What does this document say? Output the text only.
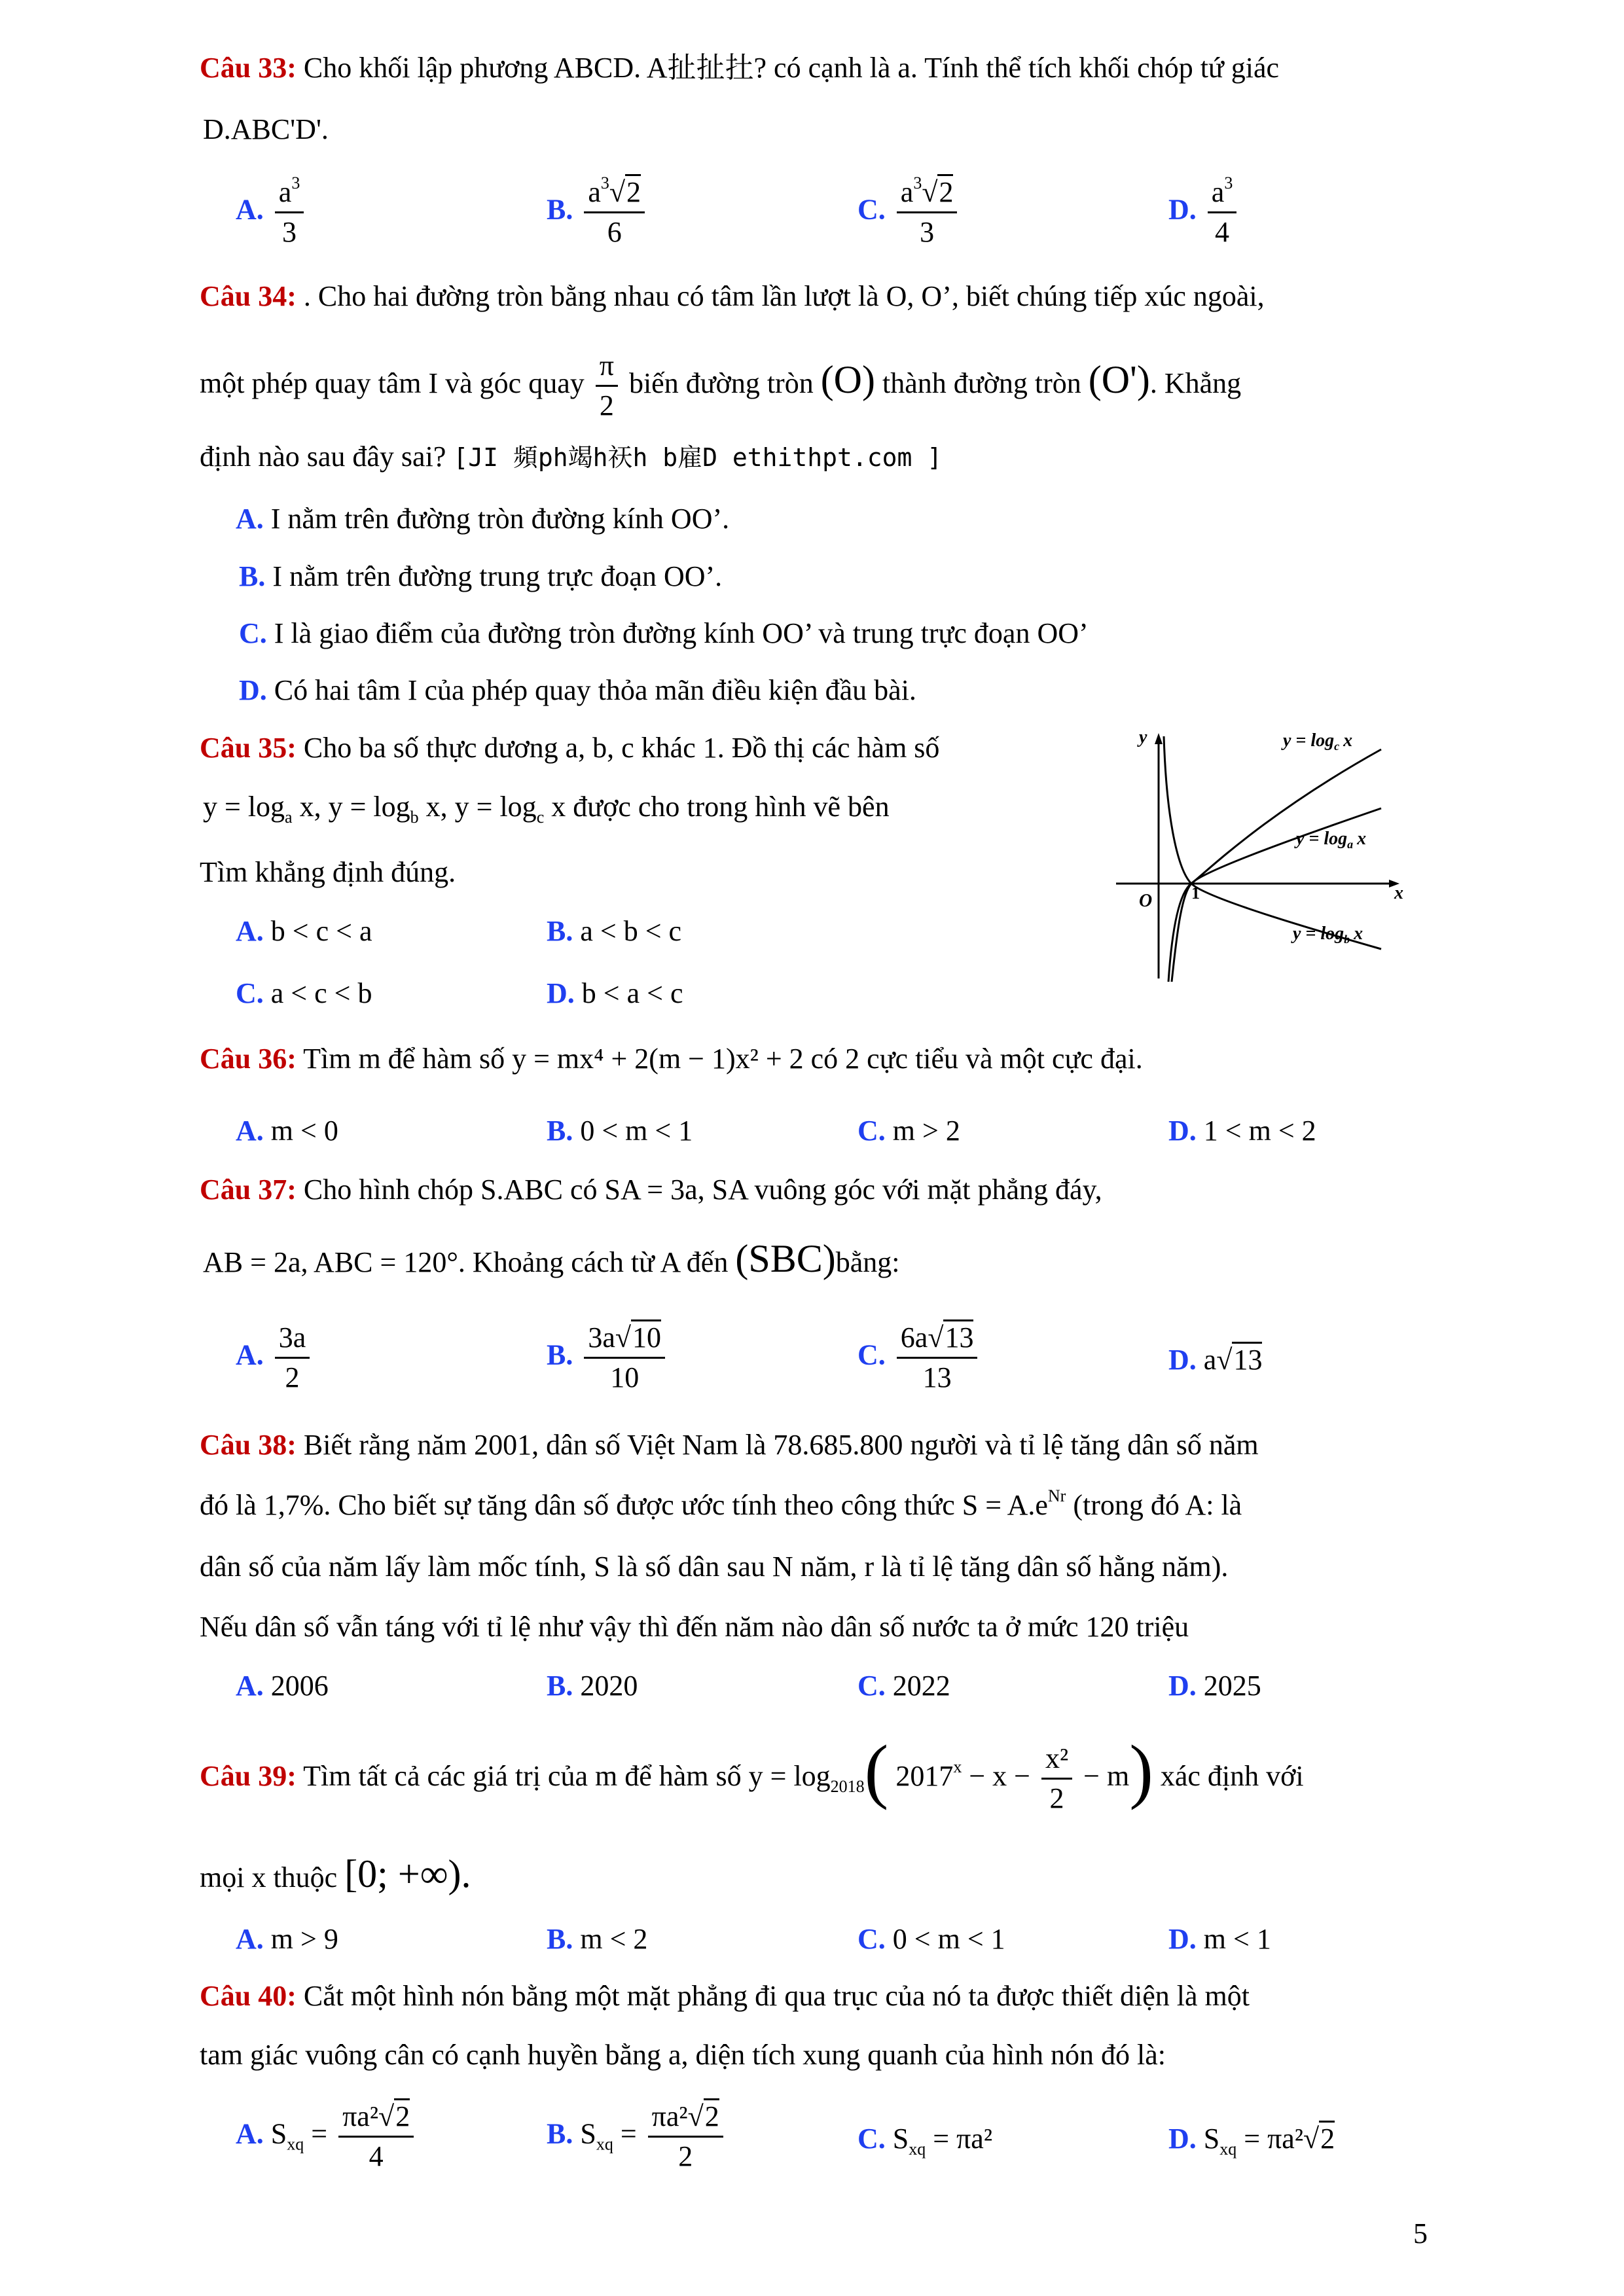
Câu 33: Cho khối lập phương ABCD. A扯扯扗? có cạnh là a. Tính thể tích khối chóp tứ giác
D.ABC'D'.
A. $\frac{a^3}{3}$	B. $\frac{a^3√2}{6}$	C. $\frac{a^3√2}{3}$	D. $\frac{a^3}{4}$
Câu 34: . Cho hai đường tròn bằng nhau có tâm lần lượt là O, O’, biết chúng tiếp xúc ngoài,
một phép quay tâm I và góc quay $\frac{\pi}{2}$ biến đường tròn (O) thành đường tròn (O'). Khẳng
định nào sau đây sai? [JI 頻ph竭h祆h b雇D ethithpt.com ]
A. I nằm trên đường tròn đường kính OO’.
B. I nằm trên đường trung trực đoạn OO’.
C. I là giao điểm của đường tròn đường kính OO’ và trung trực đoạn OO’
D. Có hai tâm I của phép quay thỏa mãn điều kiện đầu bài.
Câu 35: Cho ba số thực dương a, b, c khác 1. Đồ thị các hàm số
$y = \log_a x$, $y = \log_b x$, $y = \log_c x$ được cho trong hình vẽ bên
Tìm khẳng định đúng.
A. b < c < a	B. a < b < c
C. a < c < b	D. b < a < c
y
x
O 1
$y = \log_c x$
$y = \log_a x$
$y = \log_b x$
Câu 36: Tìm m để hàm số y = mx⁴ + 2(m − 1)x² + 2 có 2 cực tiểu và một cực đại.
A. m < 0	B. 0 < m < 1	C. m > 2	D. 1 < m < 2
Câu 37: Cho hình chóp S.ABC có SA = 3a, SA vuông góc với mặt phẳng đáy,
AB = 2a, ABC = 120°. Khoảng cách từ A đến (SBC)bằng:
A. $\frac{3a}{2}$	B. $\frac{3a√10}{10}$	C. $\frac{6a√13}{13}$	D. a√13
Câu 38: Biết rằng năm 2001, dân số Việt Nam là 78.685.800 người và tỉ lệ tăng dân số năm
đó là 1,7%. Cho biết sự tăng dân số được ước tính theo công thức $S = A.e^{Nr}$ (trong đó A: là
dân số của năm lấy làm mốc tính, S là số dân sau N năm, r là tỉ lệ tăng dân số hằng năm).
Nếu dân số vẫn táng với tỉ lệ như vậy thì đến năm nào dân số nước ta ở mức 120 triệu
A. 2006	B. 2020	C. 2022	D. 2025
Câu 39: Tìm tất cả các giá trị của m để hàm số $y = \log_{2018}$( $2017^x - x - \frac{\text{x²}}{2} - m$) xác định với
mọi x thuộc [0; +∞).
A. m > 9	B. m < 2	C. 0 < m < 1	D. m < 1
Câu 40: Cắt một hình nón bằng một mặt phẳng đi qua trục của nó ta được thiết diện là một
tam giác vuông cân có cạnh huyền bằng a, diện tích xung quanh của hình nón đó là:
A. $S_{xq} = \frac{\text{πa²√2}}{4}$	B. $S_{xq} = \frac{\text{πa²√2}}{2}$	C. $S_{xq} = \pi a^2$	D. $S_{xq} = \pi a^2√2$
5
